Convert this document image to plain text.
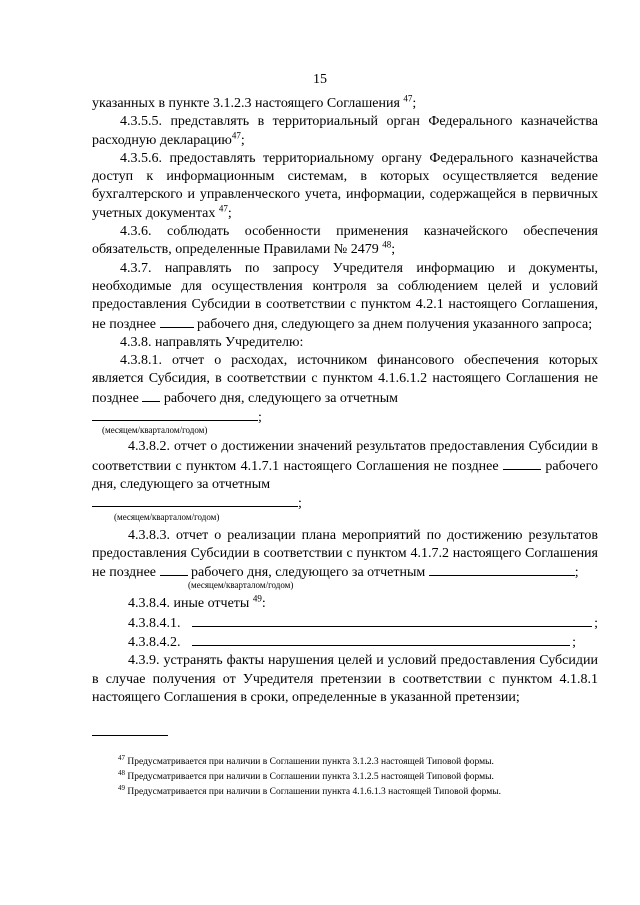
15

указанных в пункте 3.1.2.3 настоящего Соглашения $^{47}$;

4.3.5.5. представлять в территориальный орган Федерального казначейства расходную декларацию$^{47}$;

4.3.5.6. предоставлять территориальному органу Федерального казначейства доступ к информационным системам, в которых осуществляется ведение бухгалтерского и управленческого учета, информации, содержащейся в первичных учетных документах $^{47}$;

4.3.6. соблюдать особенности применения казначейского обеспечения обязательств, определенные Правилами № 2479 $^{48}$;

4.3.7. направлять по запросу Учредителя информацию и документы, необходимые для осуществления контроля за соблюдением целей и условий предоставления Субсидии в соответствии с пунктом 4.2.1 настоящего Соглашения, не позднее  рабочего дня, следующего за днем получения указанного запроса;

4.3.8. направлять Учредителю:

4.3.8.1. отчет о расходах, источником финансового обеспечения которых является Субсидия, в соответствии с пунктом 4.1.6.1.2 настоящего Соглашения не позднее  рабочего дня, следующего за отчетным
;

(месяцем/кварталом/годом)

4.3.8.2. отчет о достижении значений результатов предоставления Субсидии в соответствии с пунктом 4.1.7.1 настоящего Соглашения не позднее	рабочего дня, следующего за отчетным
;

(месяцем/кварталом/годом)

4.3.8.3. отчет о реализации плана мероприятий по достижению результатов предоставления Субсидии в соответствии с пунктом 4.1.7.2 настоящего Соглашения не позднее  рабочего дня, следующего за отчетным	;

(месяцем/кварталом/годом)

4.3.8.4. иные отчеты $^{49}$:

4.3.8.4.1.	;
4.3.8.4.2.	;

4.3.9. устранять факты нарушения целей и условий предоставления Субсидии в случае получения от Учредителя претензии в соответствии с пунктом 4.1.8.1 настоящего Соглашения в сроки, определенные в указанной претензии;

$^{47}$ Предусматривается при наличии в Соглашении пункта 3.1.2.3 настоящей Типовой формы.

$^{48}$ Предусматривается при наличии в Соглашении пункта 3.1.2.5 настоящей Типовой формы.

$^{49}$ Предусматривается при наличии в Соглашении пункта 4.1.6.1.3 настоящей Типовой формы.
